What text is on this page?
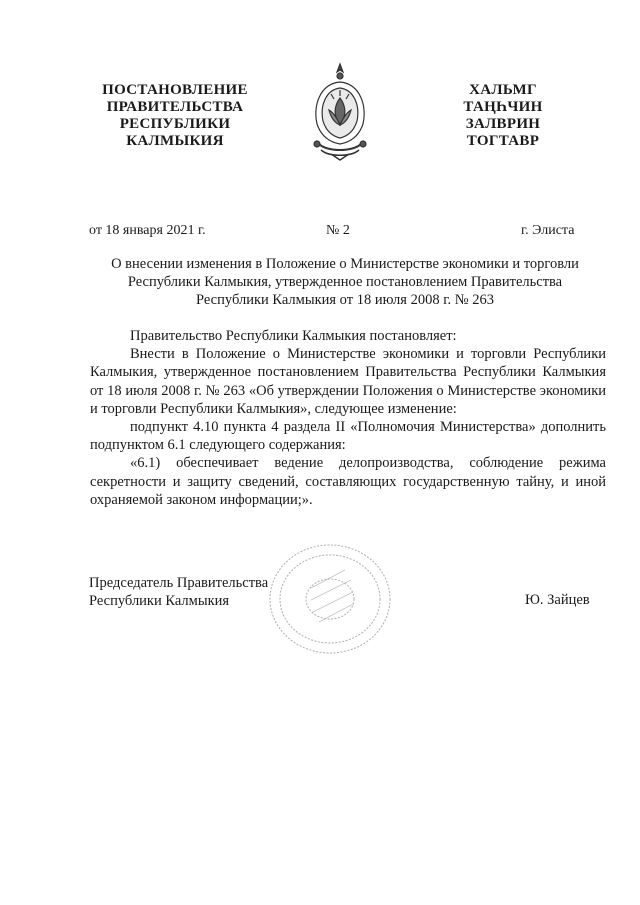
ПОСТАНОВЛЕНИЕ
ПРАВИТЕЛЬСТВА
РЕСПУБЛИКИ
КАЛМЫКИЯ
ХАЛЬМГ
ТАҢҺЧИН
ЗАЛВРИН
ТОГТАВР
от 18 января 2021 г.	№ 2	г. Элиста
О внесении изменения в Положение о Министерстве экономики и торговли
Республики Калмыкия, утвержденное постановлением Правительства
Республики Калмыкия от 18 июля 2008 г. № 263

Правительство Республики Калмыкия постановляет:

Внести в Положение о Министерстве экономики и торговли Республики Калмыкия, утвержденное постановлением Правительства Республики Калмыкия от 18 июля 2008 г. № 263 «Об утверждении Положения о Министерстве экономики и торговли Республики Калмыкия», следующее изменение:

подпункт 4.10 пункта 4 раздела II «Полномочия Министерства» дополнить подпунктом 6.1 следующего содержания:

«6.1) обеспечивает ведение делопроизводства, соблюдение режима секретности и защиту сведений, составляющих государственную тайну, и иной охраняемой законом информации;».

Председатель Правительства
Республики Калмыкия	Ю. Зайцев
